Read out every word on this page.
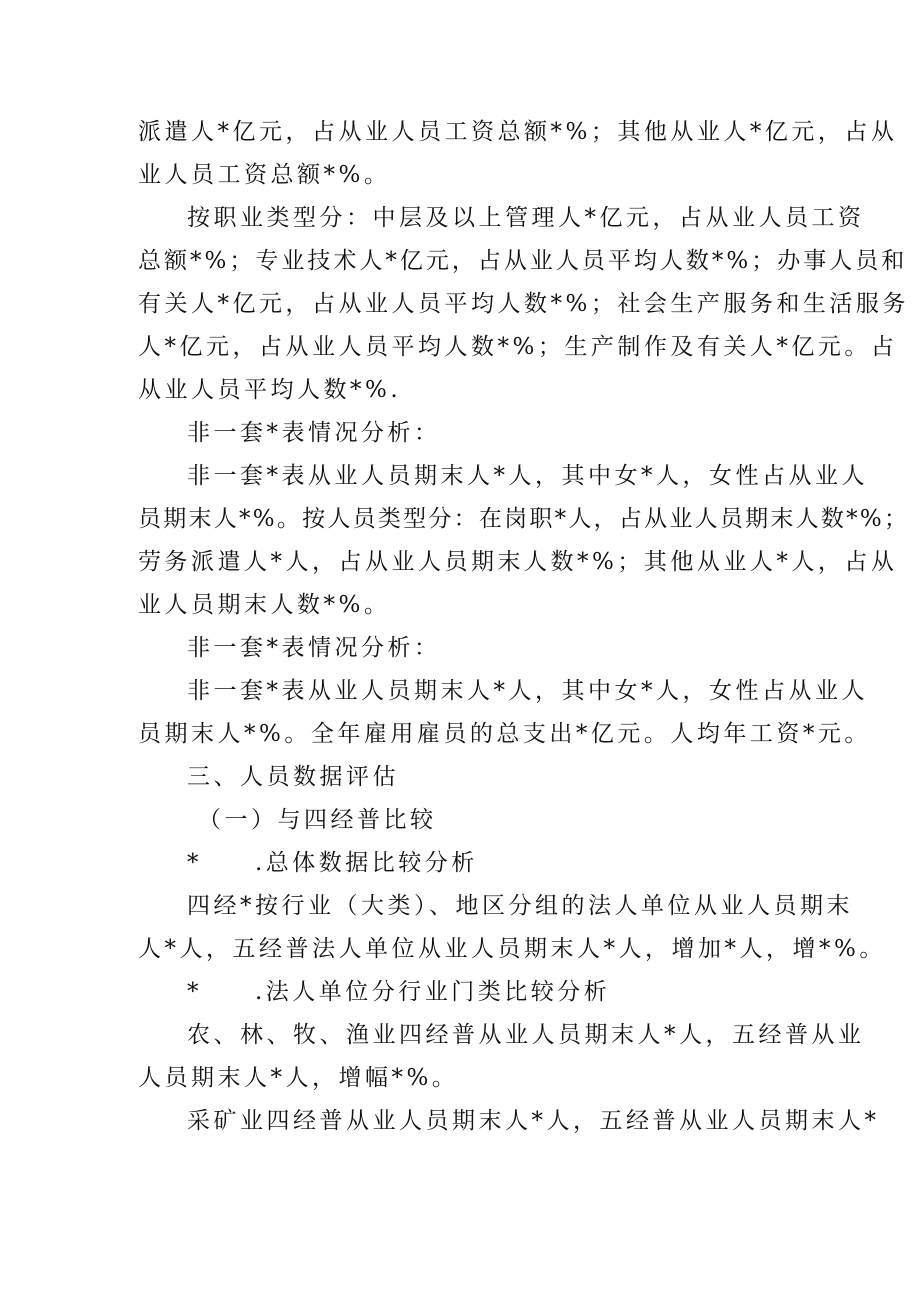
派遣人*亿元，占从业人员工资总额*%；其他从业人*亿元，占从
业人员工资总额*%。
按职业类型分：中层及以上管理人*亿元，占从业人员工资
总额*%；专业技术人*亿元，占从业人员平均人数*%；办事人员和
有关人*亿元，占从业人员平均人数*%；社会生产服务和生活服务
人*亿元，占从业人员平均人数*%；生产制作及有关人*亿元。占
从业人员平均人数*%.
非一套*表情况分析：
非一套*表从业人员期末人*人，其中女*人，女性占从业人
员期末人*%。按人员类型分：在岗职*人，占从业人员期末人数*%；
劳务派遣人*人，占从业人员期末人数*%；其他从业人*人，占从
业人员期末人数*%。
非一套*表情况分析：
非一套*表从业人员期末人*人，其中女*人，女性占从业人
员期末人*%。全年雇用雇员的总支出*亿元。人均年工资*元。
三、人员数据评估
（一）与四经普比较
*　　.总体数据比较分析
四经*按行业（大类）、地区分组的法人单位从业人员期末
人*人，五经普法人单位从业人员期末人*人，增加*人，增*%。
*　　.法人单位分行业门类比较分析
农、林、牧、渔业四经普从业人员期末人*人，五经普从业
人员期末人*人，增幅*%。
采矿业四经普从业人员期末人*人，五经普从业人员期末人*
